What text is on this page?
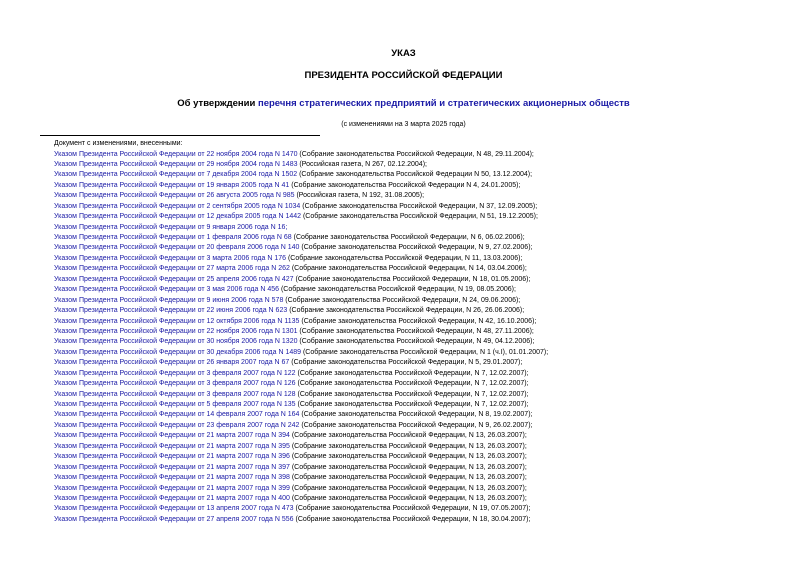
УКАЗ
ПРЕЗИДЕНТА РОССИЙСКОЙ ФЕДЕРАЦИИ
Об утверждении перечня стратегических предприятий и стратегических акционерных обществ
(с изменениями на 3 марта 2025 года)
Документ с изменениями, внесенными:
Указом Президента Российской Федерации от 22 ноября 2004 года N 1470 (Собрание законодательства Российской Федерации, N 48, 29.11.2004);
Указом Президента Российской Федерации от 29 ноября 2004 года N 1483 (Российская газета, N 267, 02.12.2004);
Указом Президента Российской Федерации от 7 декабря 2004 года N 1502 (Собрание законодательства Российской Федерации N 50, 13.12.2004);
Указом Президента Российской Федерации от 19 января 2005 года N 41 (Собрание законодательства Российской Федерации N 4, 24.01.2005);
Указом Президента Российской Федерации от 26 августа 2005 года N 985 (Российская газета, N 192, 31.08.2005);
Указом Президента Российской Федерации от 2 сентября 2005 года N 1034 (Собрание законодательства Российской Федерации, N 37, 12.09.2005);
Указом Президента Российской Федерации от 12 декабря 2005 года N 1442 (Собрание законодательства Российской Федерации, N 51, 19.12.2005);
Указом Президента Российской Федерации от 9 января 2006 года N 16;
Указом Президента Российской Федерации от 1 февраля 2006 года N 68 (Собрание законодательства Российской Федерации, N 6, 06.02.2006);
Указом Президента Российской Федерации от 20 февраля 2006 года N 140 (Собрание законодательства Российской Федерации, N 9, 27.02.2006);
Указом Президента Российской Федерации от 3 марта 2006 года N 176 (Собрание законодательства Российской Федерации, N 11, 13.03.2006);
Указом Президента Российской Федерации от 27 марта 2006 года N 262 (Собрание законодательства Российской Федерации, N 14, 03.04.2006);
Указом Президента Российской Федерации от 25 апреля 2006 года N 427 (Собрание законодательства Российской Федерации, N 18, 01.05.2006);
Указом Президента Российской Федерации от 3 мая 2006 года N 456 (Собрание законодательства Российской Федерации, N 19, 08.05.2006);
Указом Президента Российской Федерации от 9 июня 2006 года N 578 (Собрание законодательства Российской Федерации, N 24, 09.06.2006);
Указом Президента Российской Федерации от 22 июня 2006 года N 623 (Собрание законодательства Российской Федерации, N 26, 26.06.2006);
Указом Президента Российской Федерации от 12 октября 2006 года N 1135 (Собрание законодательства Российской Федерации, N 42, 16.10.2006);
Указом Президента Российской Федерации от 22 ноября 2006 года N 1301 (Собрание законодательства Российской Федерации, N 48, 27.11.2006);
Указом Президента Российской Федерации от 30 ноября 2006 года N 1320 (Собрание законодательства Российской Федерации, N 49, 04.12.2006);
Указом Президента Российской Федерации от 30 декабря 2006 года N 1489 (Собрание законодательства Российской Федерации, N 1 (ч.I), 01.01.2007);
Указом Президента Российской Федерации от 26 января 2007 года N 67 (Собрание законодательства Российской Федерации, N 5, 29.01.2007);
Указом Президента Российской Федерации от 3 февраля 2007 года N 122 (Собрание законодательства Российской Федерации, N 7, 12.02.2007);
Указом Президента Российской Федерации от 3 февраля 2007 года N 126 (Собрание законодательства Российской Федерации, N 7, 12.02.2007);
Указом Президента Российской Федерации от 3 февраля 2007 года N 128 (Собрание законодательства Российской Федерации, N 7, 12.02.2007);
Указом Президента Российской Федерации от 5 февраля 2007 года N 135 (Собрание законодательства Российской Федерации, N 7, 12.02.2007);
Указом Президента Российской Федерации от 14 февраля 2007 года N 164 (Собрание законодательства Российской Федерации, N 8, 19.02.2007);
Указом Президента Российской Федерации от 23 февраля 2007 года N 242 (Собрание законодательства Российской Федерации, N 9, 26.02.2007);
Указом Президента Российской Федерации от 21 марта 2007 года N 394 (Собрание законодательства Российской Федерации, N 13, 26.03.2007);
Указом Президента Российской Федерации от 21 марта 2007 года N 395 (Собрание законодательства Российской Федерации, N 13, 26.03.2007);
Указом Президента Российской Федерации от 21 марта 2007 года N 396 (Собрание законодательства Российской Федерации, N 13, 26.03.2007);
Указом Президента Российской Федерации от 21 марта 2007 года N 397 (Собрание законодательства Российской Федерации, N 13, 26.03.2007);
Указом Президента Российской Федерации от 21 марта 2007 года N 398 (Собрание законодательства Российской Федерации, N 13, 26.03.2007);
Указом Президента Российской Федерации от 21 марта 2007 года N 399 (Собрание законодательства Российской Федерации, N 13, 26.03.2007);
Указом Президента Российской Федерации от 21 марта 2007 года N 400 (Собрание законодательства Российской Федерации, N 13, 26.03.2007);
Указом Президента Российской Федерации от 13 апреля 2007 года N 473 (Собрание законодательства Российской Федерации, N 19, 07.05.2007);
Указом Президента Российской Федерации от 27 апреля 2007 года N 556 (Собрание законодательства Российской Федерации, N 18, 30.04.2007);
